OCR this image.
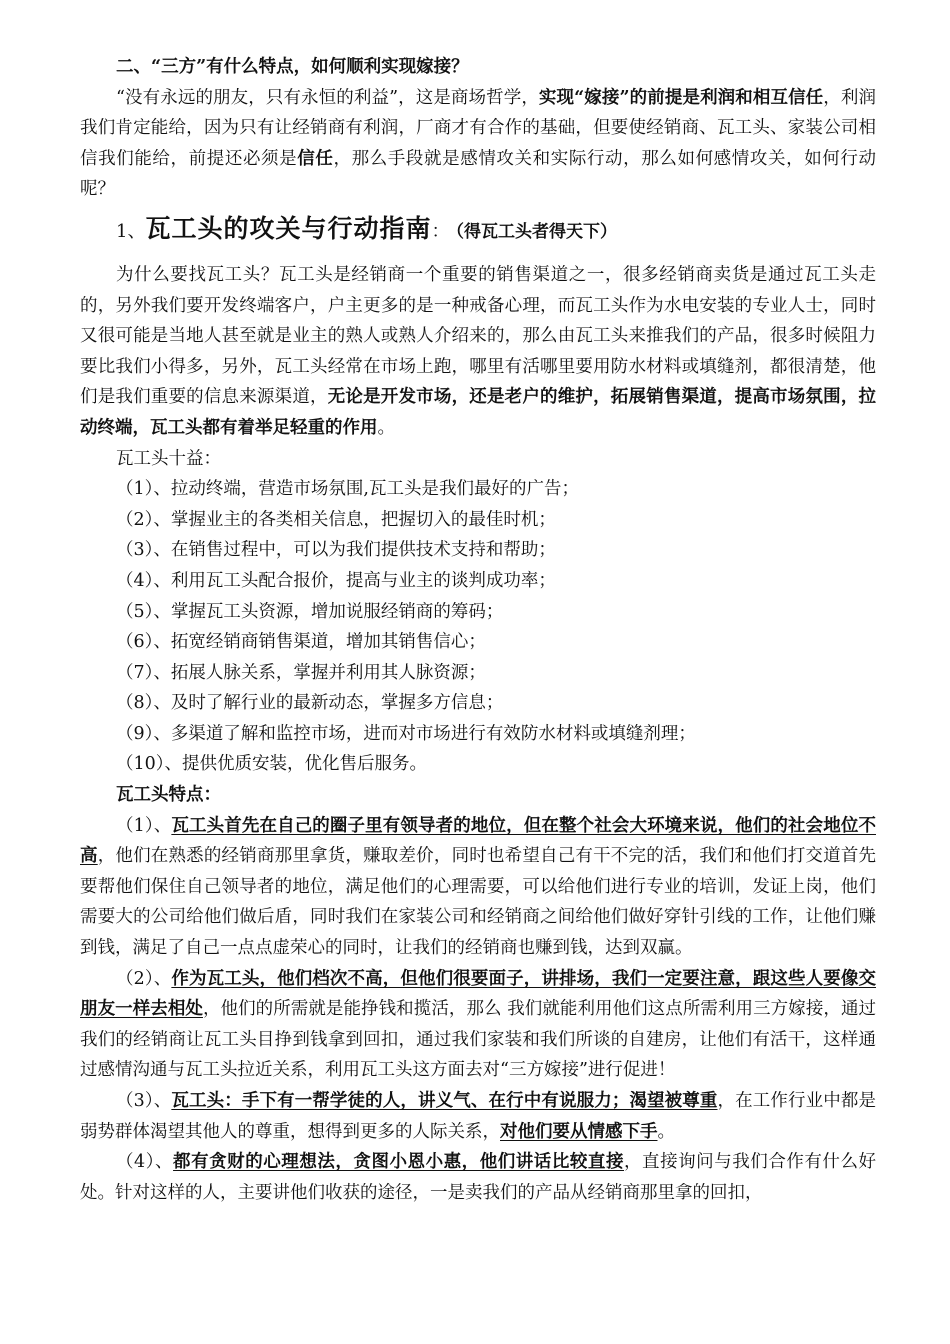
二、“三方”有什么特点，如何顺利实现嫁接？

“没有永远的朋友，只有永恒的利益”，这是商场哲学，实现“嫁接”的前提是利润和相互信任，利润我们肯定能给，因为只有让经销商有利润，厂商才有合作的基础，但要使经销商、瓦工头、家装公司相信我们能给，前提还必须是信任，那么手段就是感情攻关和实际行动，那么如何感情攻关，如何行动呢？

1、瓦工头的攻关与行动指南： （得瓦工头者得天下）

为什么要找瓦工头？瓦工头是经销商一个重要的销售渠道之一，很多经销商卖货是通过瓦工头走的，另外我们要开发终端客户，户主更多的是一种戒备心理，而瓦工头作为水电安装的专业人士，同时又很可能是当地人甚至就是业主的熟人或熟人介绍来的，那么由瓦工头来推我们的产品，很多时候阻力要比我们小得多，另外，瓦工头经常在市场上跑，哪里有活哪里要用防水材料或填缝剂，都很清楚，他们是我们重要的信息来源渠道，无论是开发市场，还是老户的维护，拓展销售渠道，提高市场氛围，拉动终端，瓦工头都有着举足轻重的作用。

瓦工头十益：

（1）、拉动终端，营造市场氛围,瓦工头是我们最好的广告；

（2）、掌握业主的各类相关信息，把握切入的最佳时机；

（3）、在销售过程中，可以为我们提供技术支持和帮助；

（4）、利用瓦工头配合报价，提高与业主的谈判成功率；

（5）、掌握瓦工头资源，增加说服经销商的筹码；

（6）、拓宽经销商销售渠道，增加其销售信心；

（7）、拓展人脉关系，掌握并利用其人脉资源；

（8）、及时了解行业的最新动态，掌握多方信息；

（9）、多渠道了解和监控市场，进而对市场进行有效防水材料或填缝剂理；

（10）、提供优质安装，优化售后服务。

瓦工头特点：

（1）、瓦工头首先在自己的圈子里有领导者的地位，但在整个社会大环境来说，他们的社会地位不高，他们在熟悉的经销商那里拿货，赚取差价，同时也希望自己有干不完的活，我们和他们打交道首先要帮他们保住自己领导者的地位，满足他们的心理需要，可以给他们进行专业的培训，发证上岗，他们需要大的公司给他们做后盾，同时我们在家装公司和经销商之间给他们做好穿针引线的工作，让他们赚到钱，满足了自己一点点虚荣心的同时，让我们的经销商也赚到钱，达到双赢。

（2）、作为瓦工头，他们档次不高，但他们很要面子，讲排场，我们一定要注意，跟这些人要像交朋友一样去相处，他们的所需就是能挣钱和揽活，那么 我们就能利用他们这点所需利用三方嫁接，通过我们的经销商让瓦工头目挣到钱拿到回扣，通过我们家装和我们所谈的自建房，让他们有活干，这样通过感情沟通与瓦工头拉近关系，利用瓦工头这方面去对“三方嫁接”进行促进！

（3）、瓦工头：手下有一帮学徒的人，讲义气、在行中有说服力；渴望被尊重，在工作行业中都是弱势群体渴望其他人的尊重，想得到更多的人际关系，对他们要从情感下手。

（4）、都有贪财的心理想法，贪图小恩小惠，他们讲话比较直接，直接询问与我们合作有什么好处。针对这样的人，主要讲他们收获的途径，一是卖我们的产品从经销商那里拿的回扣，
